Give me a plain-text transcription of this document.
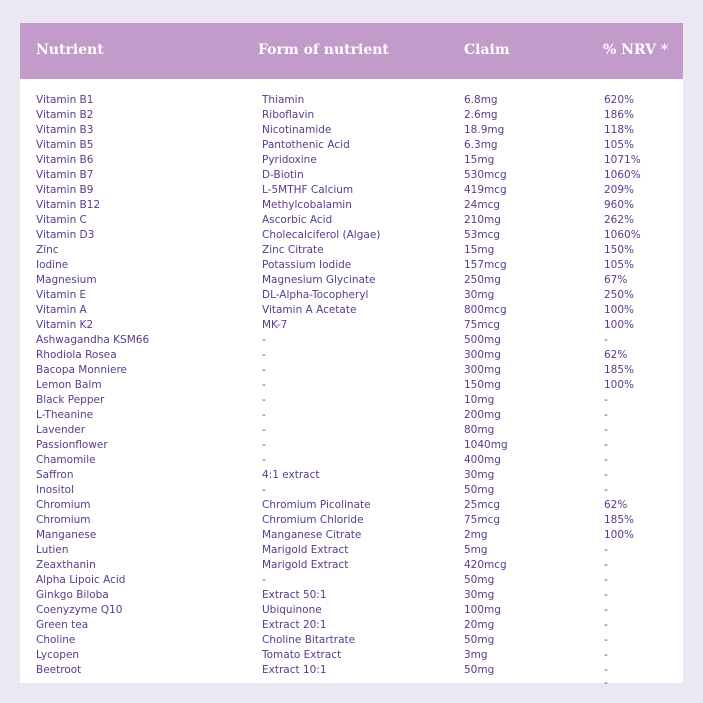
Nutrient	Form of nutrient	Claim	% NRV *
Vitamin B1	Thiamin	6.8mg	620%
Vitamin B2	Riboflavin	2.6mg	186%
Vitamin B3	Nicotinamide	18.9mg	118%
Vitamin B5	Pantothenic Acid	6.3mg	105%
Vitamin B6	Pyridoxine	15mg	1071%
Vitamin B7	D-Biotin	530mcg	1060%
Vitamin B9	L-5MTHF Calcium	419mcg	209%
Vitamin B12	Methylcobalamin	24mcg	960%
Vitamin C	Ascorbic Acid	210mg	262%
Vitamin D3	Cholecalciferol (Algae)	53mcg	1060%
Zinc	Zinc Citrate	15mg	150%
Iodine	Potassium Iodide	157mcg	105%
Magnesium	Magnesium Glycinate	250mg	67%
Vitamin E	DL-Alpha-Tocopheryl	30mg	250%
Vitamin A	Vitamin A Acetate	800mcg	100%
Vitamin K2	MK-7	75mcg	100%
Ashwagandha KSM66	-	500mg	-
Rhodiola Rosea	-	300mg	62%
Bacopa Monniere	-	300mg	185%
Lemon Balm	-	150mg	100%
Black Pepper	-	10mg	-
L-Theanine	-	200mg	-
Lavender	-	80mg	-
Passionflower	-	1040mg	-
Chamomile	-	400mg	-
Saffron	4:1 extract	30mg	-
Inositol	-	50mg	-
Chromium	Chromium Picolinate	25mcg	62%
Chromium	Chromium Chloride	75mcg	185%
Manganese	Manganese Citrate	2mg	100%
Lutien	Marigold Extract	5mg	-
Zeaxthanin	Marigold Extract	420mcg	-
Alpha Lipoic Acid	-	50mg	-
Ginkgo Biloba	Extract 50:1	30mg	-
Coenyzyme Q10	Ubiquinone	100mg	-
Green tea	Extract 20:1	20mg	-
Choline	Choline Bitartrate	50mg	-
Lycopen	Tomato Extract	3mg	-
Beetroot	Extract 10:1	50mg	-
-
